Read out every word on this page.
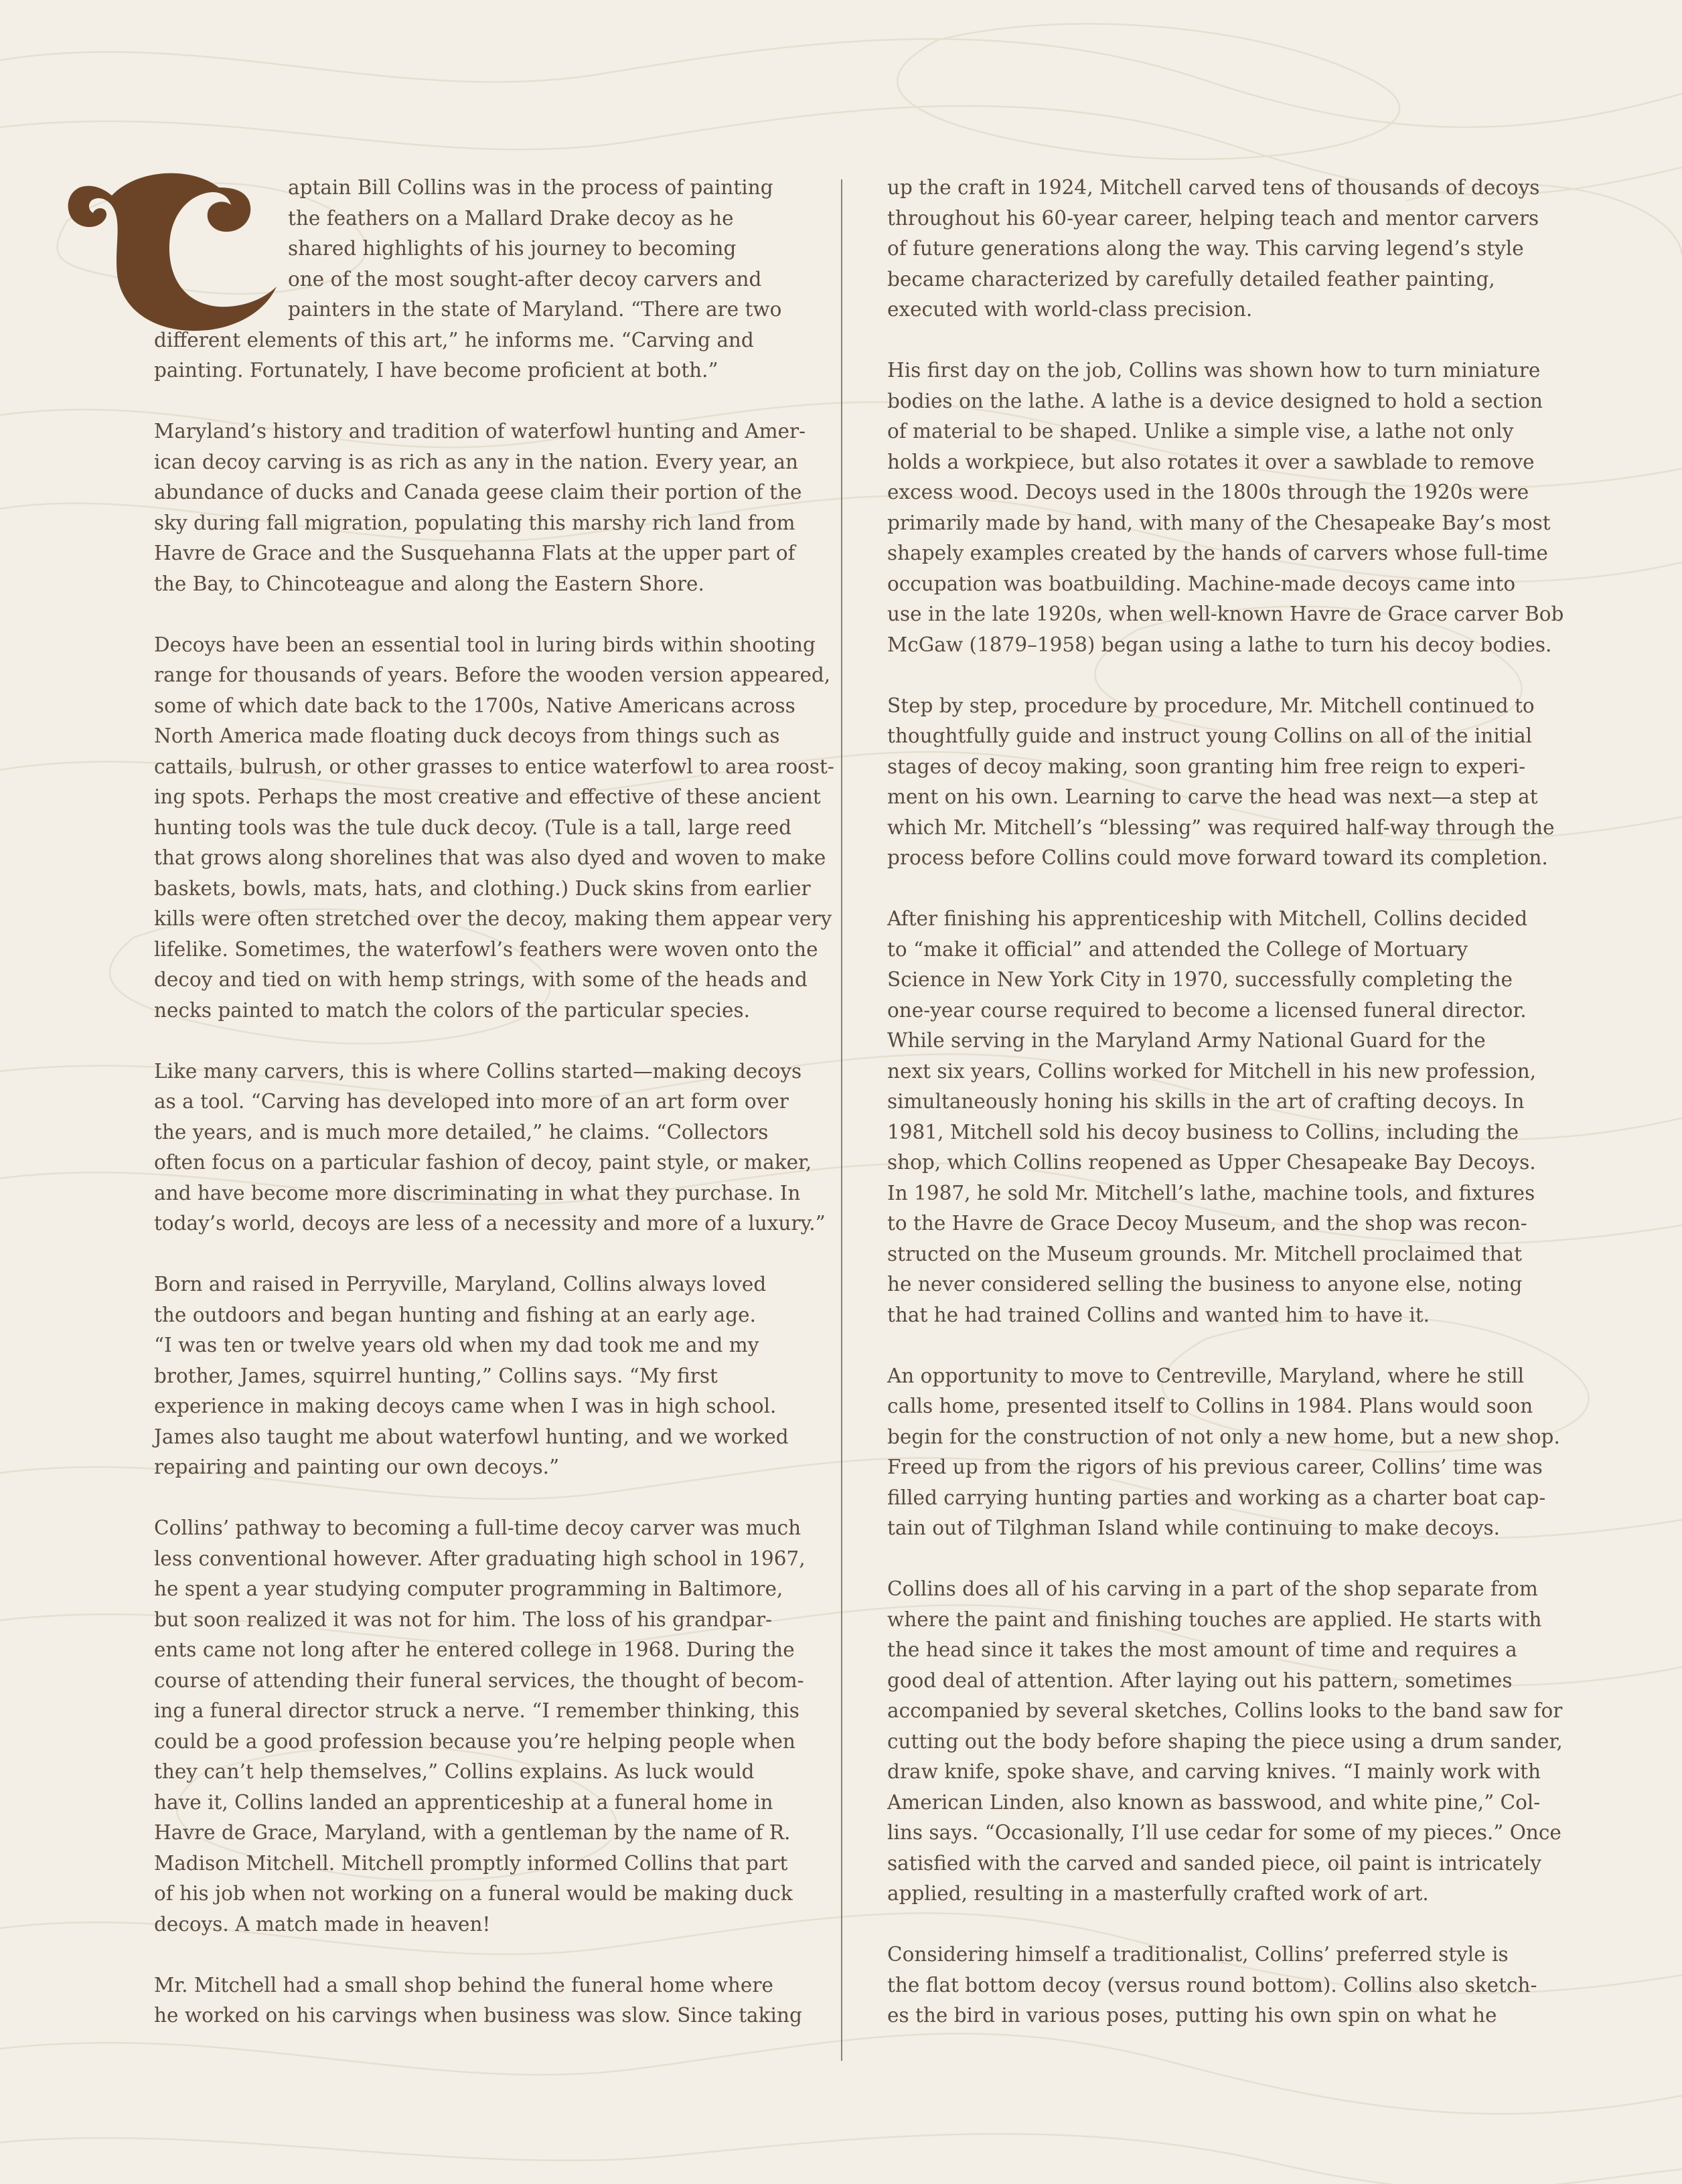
aptain Bill Collins was in the process of painting
the feathers on a Mallard Drake decoy as he
shared highlights of his journey to becoming
one of the most sought-after decoy carvers and
painters in the state of Maryland. “There are two
different elements of this art,” he informs me. “Carving and
painting. Fortunately, I have become proficient at both.”

Maryland’s history and tradition of waterfowl hunting and Amer-
ican decoy carving is as rich as any in the nation. Every year, an
abundance of ducks and Canada geese claim their portion of the
sky during fall migration, populating this marshy rich land from
Havre de Grace and the Susquehanna Flats at the upper part of
the Bay, to Chincoteague and along the Eastern Shore.

Decoys have been an essential tool in luring birds within shooting
range for thousands of years. Before the wooden version appeared,
some of which date back to the 1700s, Native Americans across
North America made floating duck decoys from things such as
cattails, bulrush, or other grasses to entice waterfowl to area roost-
ing spots. Perhaps the most creative and effective of these ancient
hunting tools was the tule duck decoy. (Tule is a tall, large reed
that grows along shorelines that was also dyed and woven to make
baskets, bowls, mats, hats, and clothing.) Duck skins from earlier
kills were often stretched over the decoy, making them appear very
lifelike. Sometimes, the waterfowl’s feathers were woven onto the
decoy and tied on with hemp strings, with some of the heads and
necks painted to match the colors of the particular species.

Like many carvers, this is where Collins started—making decoys
as a tool. “Carving has developed into more of an art form over
the years, and is much more detailed,” he claims. “Collectors
often focus on a particular fashion of decoy, paint style, or maker,
and have become more discriminating in what they purchase. In
today’s world, decoys are less of a necessity and more of a luxury.”

Born and raised in Perryville, Maryland, Collins always loved
the outdoors and began hunting and fishing at an early age.
“I was ten or twelve years old when my dad took me and my
brother, James, squirrel hunting,” Collins says. “My first
experience in making decoys came when I was in high school.
James also taught me about waterfowl hunting, and we worked
repairing and painting our own decoys.”

Collins’ pathway to becoming a full-time decoy carver was much
less conventional however. After graduating high school in 1967,
he spent a year studying computer programming in Baltimore,
but soon realized it was not for him. The loss of his grandpar-
ents came not long after he entered college in 1968. During the
course of attending their funeral services, the thought of becom-
ing a funeral director struck a nerve. “I remember thinking, this
could be a good profession because you’re helping people when
they can’t help themselves,” Collins explains. As luck would
have it, Collins landed an apprenticeship at a funeral home in
Havre de Grace, Maryland, with a gentleman by the name of R.
Madison Mitchell. Mitchell promptly informed Collins that part
of his job when not working on a funeral would be making duck
decoys. A match made in heaven!

Mr. Mitchell had a small shop behind the funeral home where
he worked on his carvings when business was slow. Since taking

up the craft in 1924, Mitchell carved tens of thousands of decoys
throughout his 60-year career, helping teach and mentor carvers
of future generations along the way. This carving legend’s style
became characterized by carefully detailed feather painting,
executed with world-class precision.

His first day on the job, Collins was shown how to turn miniature
bodies on the lathe. A lathe is a device designed to hold a section
of material to be shaped. Unlike a simple vise, a lathe not only
holds a workpiece, but also rotates it over a sawblade to remove
excess wood. Decoys used in the 1800s through the 1920s were
primarily made by hand, with many of the Chesapeake Bay’s most
shapely examples created by the hands of carvers whose full-time
occupation was boatbuilding. Machine-made decoys came into
use in the late 1920s, when well-known Havre de Grace carver Bob
McGaw (1879–1958) began using a lathe to turn his decoy bodies.

Step by step, procedure by procedure, Mr. Mitchell continued to
thoughtfully guide and instruct young Collins on all of the initial
stages of decoy making, soon granting him free reign to experi-
ment on his own. Learning to carve the head was next—a step at
which Mr. Mitchell’s “blessing” was required half-way through the
process before Collins could move forward toward its completion.

After finishing his apprenticeship with Mitchell, Collins decided
to “make it official” and attended the College of Mortuary
Science in New York City in 1970, successfully completing the
one-year course required to become a licensed funeral director.
While serving in the Maryland Army National Guard for the
next six years, Collins worked for Mitchell in his new profession,
simultaneously honing his skills in the art of crafting decoys. In
1981, Mitchell sold his decoy business to Collins, including the
shop, which Collins reopened as Upper Chesapeake Bay Decoys.
In 1987, he sold Mr. Mitchell’s lathe, machine tools, and fixtures
to the Havre de Grace Decoy Museum, and the shop was recon-
structed on the Museum grounds. Mr. Mitchell proclaimed that
he never considered selling the business to anyone else, noting
that he had trained Collins and wanted him to have it.

An opportunity to move to Centreville, Maryland, where he still
calls home, presented itself to Collins in 1984. Plans would soon
begin for the construction of not only a new home, but a new shop.
Freed up from the rigors of his previous career, Collins’ time was
filled carrying hunting parties and working as a charter boat cap-
tain out of Tilghman Island while continuing to make decoys.

Collins does all of his carving in a part of the shop separate from
where the paint and finishing touches are applied. He starts with
the head since it takes the most amount of time and requires a
good deal of attention. After laying out his pattern, sometimes
accompanied by several sketches, Collins looks to the band saw for
cutting out the body before shaping the piece using a drum sander,
draw knife, spoke shave, and carving knives. “I mainly work with
American Linden, also known as basswood, and white pine,” Col-
lins says. “Occasionally, I’ll use cedar for some of my pieces.” Once
satisfied with the carved and sanded piece, oil paint is intricately
applied, resulting in a masterfully crafted work of art.

Considering himself a traditionalist, Collins’ preferred style is
the flat bottom decoy (versus round bottom). Collins also sketch-
es the bird in various poses, putting his own spin on what he
